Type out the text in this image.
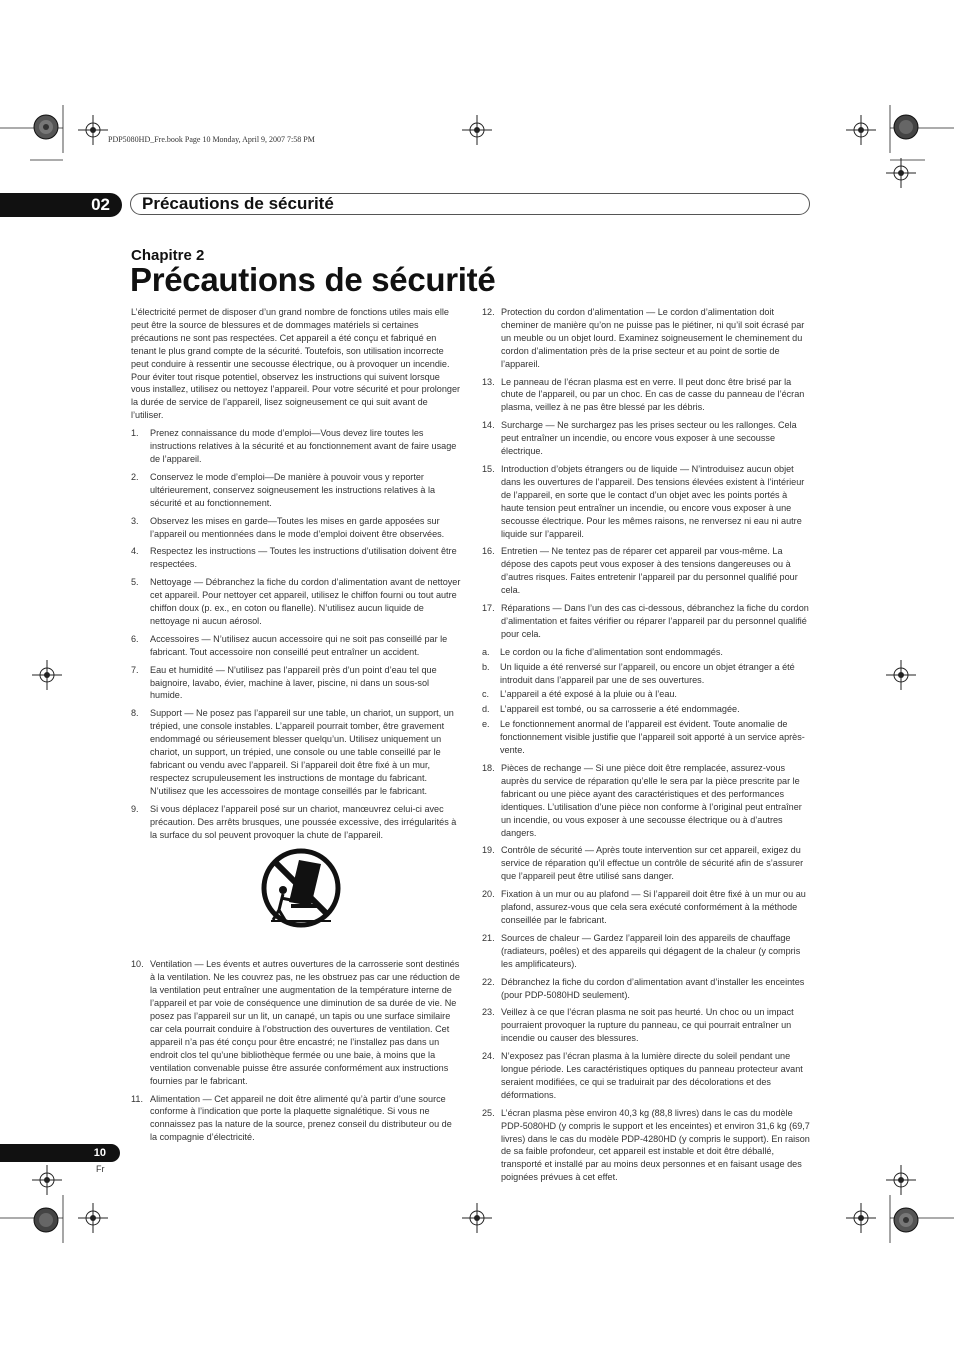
PDP5080HD_Fre.book Page 10 Monday, April 9, 2007 7:58 PM
02	Précautions de sécurité
Chapitre 2
Précautions de sécurité

L’électricité permet de disposer d’un grand nombre de fonctions utiles mais elle peut être la source de blessures et de dommages matériels si certaines précautions ne sont pas respectées. Cet appareil a été conçu et fabriqué en tenant le plus grand compte de la sécurité. Toutefois, son utilisation incorrecte peut conduire à ressentir une secousse électrique, ou à provoquer un incendie. Pour éviter tout risque potentiel, observez les instructions qui suivent lorsque vous installez, utilisez ou nettoyez l’appareil. Pour votre sécurité et pour prolonger la durée de service de l’appareil, lisez soigneusement ce qui suit avant de l’utiliser.

1. Prenez connaissance du mode d’emploi—Vous devez lire toutes les instructions relatives à la sécurité et au fonctionnement avant de faire usage de l’appareil.
2. Conservez le mode d’emploi—De manière à pouvoir vous y reporter ultérieurement, conservez soigneusement les instructions relatives à la sécurité et au fonctionnement.
3. Observez les mises en garde—Toutes les mises en garde apposées sur l’appareil ou mentionnées dans le mode d’emploi doivent être observées.
4. Respectez les instructions — Toutes les instructions d’utilisation doivent être respectées.
5. Nettoyage — Débranchez la fiche du cordon d’alimentation avant de nettoyer cet appareil. Pour nettoyer cet appareil, utilisez le chiffon fourni ou tout autre chiffon doux (p. ex., en coton ou flanelle). N’utilisez aucun liquide de nettoyage ni aucun aérosol.
6. Accessoires — N’utilisez aucun accessoire qui ne soit pas conseillé par le fabricant. Tout accessoire non conseillé peut entraîner un accident.
7. Eau et humidité — N’utilisez pas l’appareil près d’un point d’eau tel que baignoire, lavabo, évier, machine à laver, piscine, ni dans un sous-sol humide.
8. Support — Ne posez pas l’appareil sur une table, un chariot, un support, un trépied, une console instables. L’appareil pourrait tomber, être gravement endommagé ou sérieusement blesser quelqu’un. Utilisez uniquement un chariot, un support, un trépied, une console ou une table conseillé par le fabricant ou vendu avec l’appareil. Si l’appareil doit être fixé à un mur, respectez scrupuleusement les instructions de montage du fabricant. N’utilisez que les accessoires de montage conseillés par le fabricant.
9. Si vous déplacez l’appareil posé sur un chariot, manœuvrez celui-ci avec précaution. Des arrêts brusques, une poussée excessive, des irrégularités à la surface du sol peuvent provoquer la chute de l’appareil.
10. Ventilation — Les évents et autres ouvertures de la carrosserie sont destinés à la ventilation. Ne les couvrez pas, ne les obstruez pas car une réduction de la ventilation peut entraîner une augmentation de la température interne de l’appareil et par voie de conséquence une diminution de sa durée de vie. Ne posez pas l’appareil sur un lit, un canapé, un tapis ou une surface similaire car cela pourrait conduire à l’obstruction des ouvertures de ventilation. Cet appareil n’a pas été conçu pour être encastré; ne l’installez pas dans un endroit clos tel qu’une bibliothèque fermée ou une baie, à moins que la ventilation convenable puisse être assurée conformément aux instructions fournies par le fabricant.
11. Alimentation — Cet appareil ne doit être alimenté qu’à partir d’une source conforme à l’indication que porte la plaquette signalétique. Si vous ne connaissez pas la nature de la source, prenez conseil du distributeur ou de la compagnie d’électricité.
12. Protection du cordon d’alimentation — Le cordon d’alimentation doit cheminer de manière qu’on ne puisse pas le piétiner, ni qu’il soit écrasé par un meuble ou un objet lourd. Examinez soigneusement le cheminement du cordon d’alimentation près de la prise secteur et au point de sortie de l’appareil.
13. Le panneau de l’écran plasma est en verre. Il peut donc être brisé par la chute de l’appareil, ou par un choc. En cas de casse du panneau de l’écran plasma, veillez à ne pas être blessé par les débris.
14. Surcharge — Ne surchargez pas les prises secteur ou les rallonges. Cela peut entraîner un incendie, ou encore vous exposer à une secousse électrique.
15. Introduction d’objets étrangers ou de liquide — N’introduisez aucun objet dans les ouvertures de l’appareil. Des tensions élevées existent à l’intérieur de l’appareil, en sorte que le contact d’un objet avec les points portés à haute tension peut entraîner un incendie, ou encore vous exposer à une secousse électrique. Pour les mêmes raisons, ne renversez ni eau ni autre liquide sur l’appareil.
16. Entretien — Ne tentez pas de réparer cet appareil par vous-même. La dépose des capots peut vous exposer à des tensions dangereuses ou à d’autres risques. Faites entretenir l’appareil par du personnel qualifié pour cela.
17. Réparations — Dans l’un des cas ci-dessous, débranchez la fiche du cordon d’alimentation et faites vérifier ou réparer l’appareil par du personnel qualifié pour cela.
a. Le cordon ou la fiche d’alimentation sont endommagés.
b. Un liquide a été renversé sur l’appareil, ou encore un objet étranger a été introduit dans l’appareil par une de ses ouvertures.
c. L’appareil a été exposé à la pluie ou à l’eau.
d. L’appareil est tombé, ou sa carrosserie a été endommagée.
e. Le fonctionnement anormal de l’appareil est évident. Toute anomalie de fonctionnement visible justifie que l’appareil soit apporté à un service après-vente.
18. Pièces de rechange — Si une pièce doit être remplacée, assurez-vous auprès du service de réparation qu’elle le sera par la pièce prescrite par le fabricant ou une pièce ayant des caractéristiques et des performances identiques. L’utilisation d’une pièce non conforme à l’original peut entraîner un incendie, ou vous exposer à une secousse électrique ou à d’autres dangers.
19. Contrôle de sécurité — Après toute intervention sur cet appareil, exigez du service de réparation qu’il effectue un contrôle de sécurité afin de s’assurer que l’appareil peut être utilisé sans danger.
20. Fixation à un mur ou au plafond — Si l’appareil doit être fixé à un mur ou au plafond, assurez-vous que cela sera exécuté conformément à la méthode conseillée par le fabricant.
21. Sources de chaleur — Gardez l’appareil loin des appareils de chauffage (radiateurs, poêles) et des appareils qui dégagent de la chaleur (y compris les amplificateurs).
22. Débranchez la fiche du cordon d’alimentation avant d’installer les enceintes (pour PDP-5080HD seulement).
23. Veillez à ce que l’écran plasma ne soit pas heurté. Un choc ou un impact pourraient provoquer la rupture du panneau, ce qui pourrait entraîner un incendie ou causer des blessures.
24. N’exposez pas l’écran plasma à la lumière directe du soleil pendant une longue période. Les caractéristiques optiques du panneau protecteur avant seraient modifiées, ce qui se traduirait par des décolorations et des déformations.
25. L’écran plasma pèse environ 40,3 kg (88,8 livres) dans le cas du modèle PDP-5080HD (y compris le support et les enceintes) et environ 31,6 kg (69,7 livres) dans le cas du modèle PDP-4280HD (y compris le support). En raison de sa faible profondeur, cet appareil est instable et doit être déballé, transporté et installé par au moins deux personnes et en faisant usage des poignées prévues à cet effet.
10
Fr
